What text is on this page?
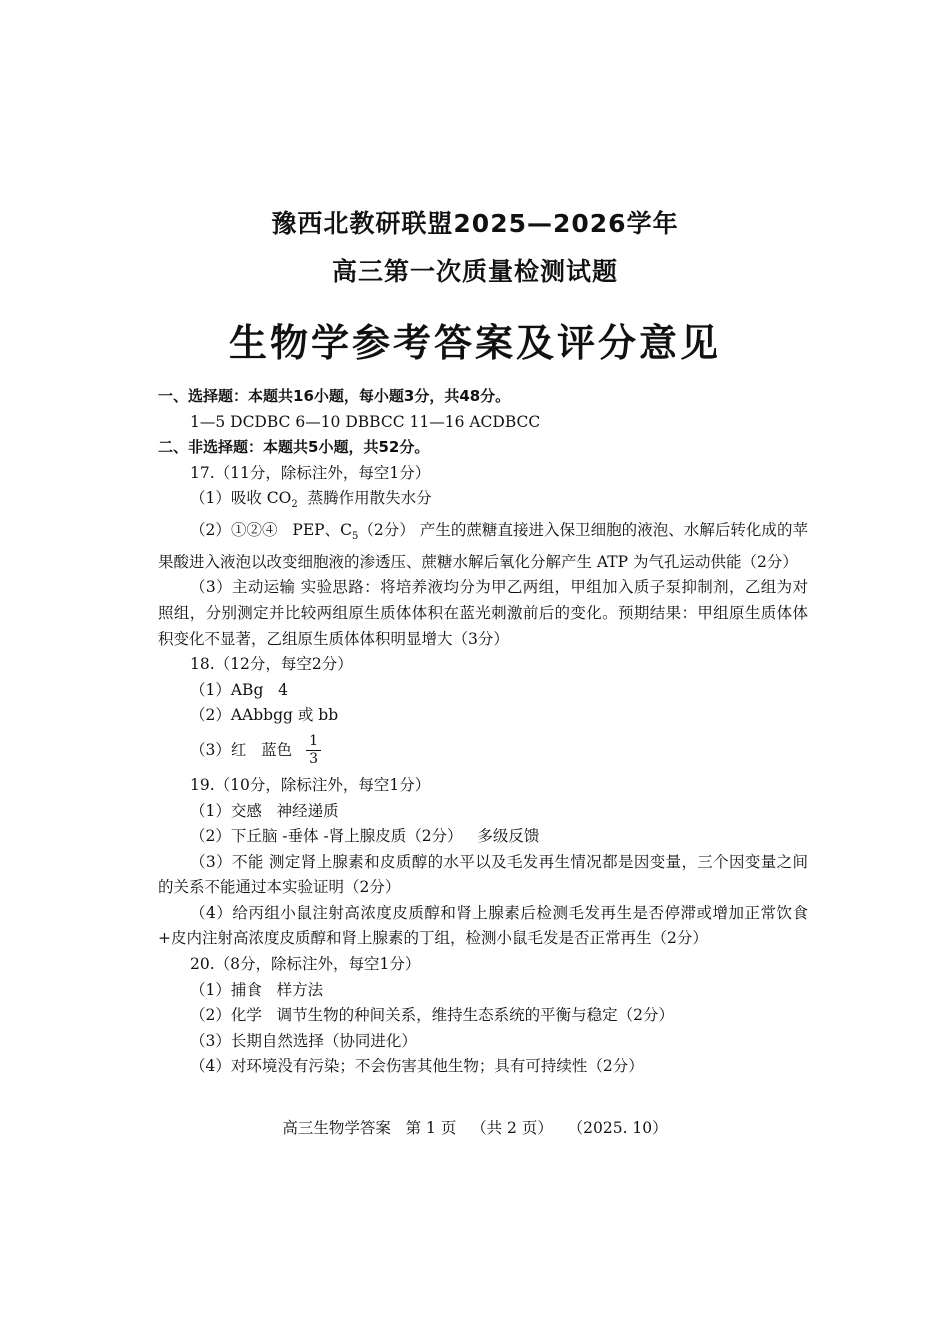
豫西北教研联盟2025—2026学年
高三第一次质量检测试题
生物学参考答案及评分意见
一、选择题：本题共16小题，每小题3分，共48分。
1—5 DCDBC 6—10 DBBCC 11—16 ACDBCC
二、非选择题：本题共5小题，共52分。
17.（11分，除标注外，每空1分）
（1）吸收 $CO_2$  蒸腾作用散失水分
（2）①②④   PEP、$C_5(2$分） 产生的蔗糖直接进入保卫细胞的液泡、水解后转化成的苹果酸进入液泡以改变细胞液的渗透压、蔗糖水解后氧化分解产生 ATP 为气孔运动供能（2分）
（3）主动运输 实验思路：将培养液均分为甲乙两组，甲组加入质子泵抑制剂，乙组为对照组，分别测定并比较两组原生质体体积在蓝光刺激前后的变化。预期结果：甲组原生质体体积变化不显著，乙组原生质体体积明显增大（3分）
18.（12分，每空2分）
（1）ABg   4
（2）AAbbgg 或 bb
（3）红   蓝色 $\frac{1}{3}$
19.（10分，除标注外，每空1分）
（1）交感   神经递质
（2）下丘脑 -垂体 -肾上腺皮质（2分）   多级反馈
（3）不能 测定肾上腺素和皮质醇的水平以及毛发再生情况都是因变量，三个因变量之间的关系不能通过本实验证明（2分）
（4）给丙组小鼠注射高浓度皮质醇和肾上腺素后检测毛发再生是否停滞或增加正常饮食+皮内注射高浓度皮质醇和肾上腺素的丁组，检测小鼠毛发是否正常再生（2分）
20.（8分，除标注外，每空1分）
（1）捕食   样方法
（2）化学   调节生物的种间关系，维持生态系统的平衡与稳定（2分）
（3）长期自然选择（协同进化）
（4）对环境没有污染；不会伤害其他生物；具有可持续性（2分）
高三生物学答案   第 1 页   （共 2 页）   （2025. 10）
